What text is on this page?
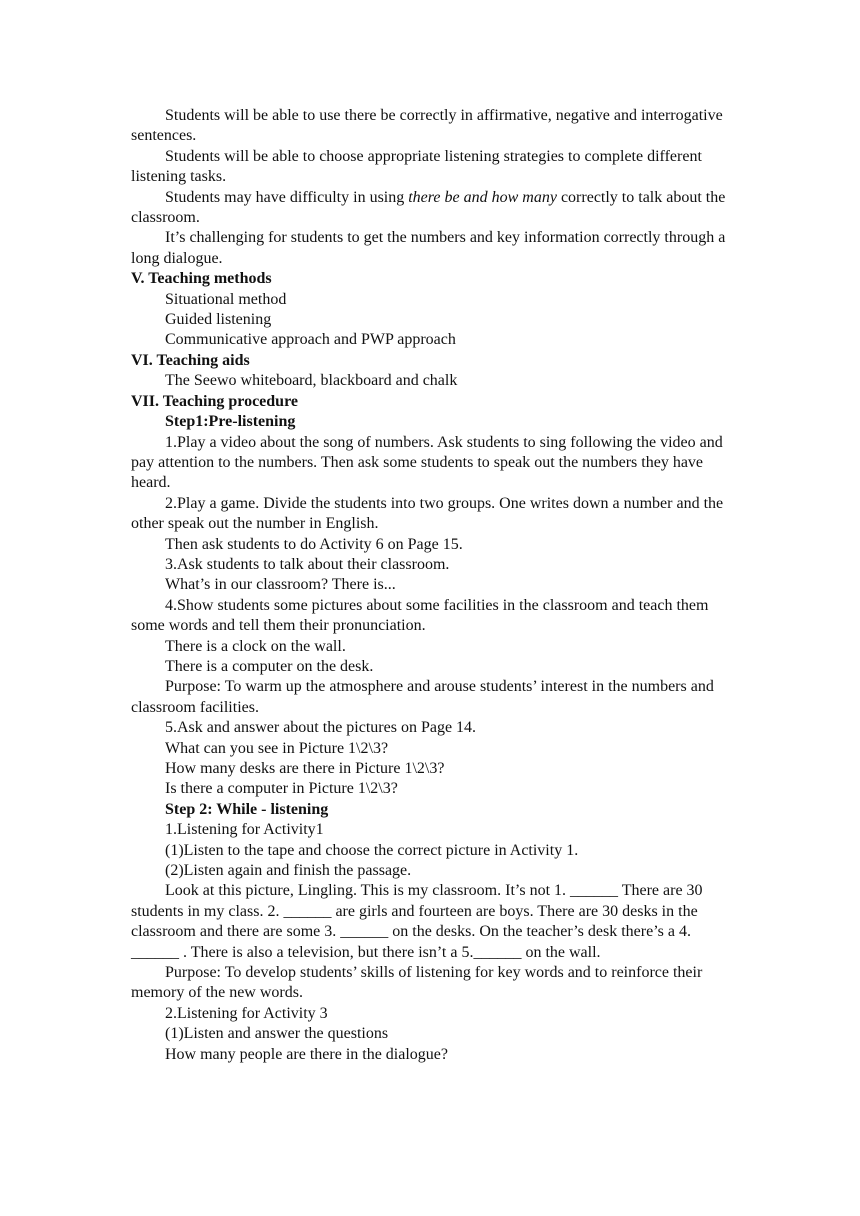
Students will be able to use there be correctly in affirmative, negative and interrogative sentences.

Students will be able to choose appropriate listening strategies to complete different listening tasks.

Students may have difficulty in using there be and how many correctly to talk about the classroom.

It’s challenging for students to get the numbers and key information correctly through a long dialogue.

V. Teaching methods

Situational method

Guided listening

Communicative approach and PWP approach

VI. Teaching aids

The Seewo whiteboard, blackboard and chalk

VII. Teaching procedure

Step1:Pre-listening

1.Play a video about the song of numbers. Ask students to sing following the video and pay attention to the numbers. Then ask some students to speak out the numbers they have heard.

2.Play a game. Divide the students into two groups. One writes down a number and the other speak out the number in English.

Then ask students to do Activity 6 on Page 15.

3.Ask students to talk about their classroom.

What’s in our classroom? There is...

4.Show students some pictures about some facilities in the classroom and teach them some words and tell them their pronunciation.

There is a clock on the wall.

There is a computer on the desk.

Purpose: To warm up the atmosphere and arouse students’ interest in the numbers and classroom facilities.

5.Ask and answer about the pictures on Page 14.

What can you see in Picture 1\2\3?

How many desks are there in Picture 1\2\3?

Is there a computer in Picture 1\2\3?

Step 2: While - listening

1.Listening for Activity1

(1)Listen to the tape and choose the correct picture in Activity 1.

(2)Listen again and finish the passage.

Look at this picture, Lingling. This is my classroom. It’s not 1. ______ There are 30 students in my class. 2. ______ are girls and fourteen are boys. There are 30 desks in the classroom and there are some 3. ______ on the desks. On the teacher’s desk there’s a 4. ______ . There is also a television, but there isn’t a 5.______ on the wall.

Purpose: To develop students’ skills of listening for key words and to reinforce their memory of the new words.

2.Listening for Activity 3

(1)Listen and answer the questions

How many people are there in the dialogue?
